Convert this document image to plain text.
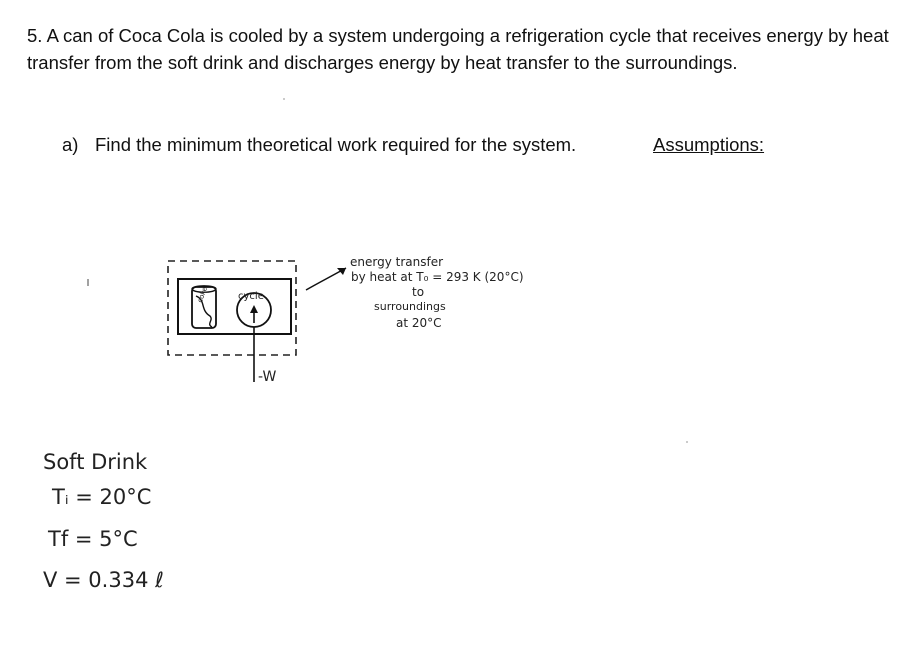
5. A can of Coca Cola is cooled by a system undergoing a refrigeration cycle that receives energy by heat transfer from the soft drink and discharges energy by heat transfer to the surroundings.

a) Find the minimum theoretical work required for the system.	Assumptions:
coke	cycle
-W
energy transfer
by heat at T₀ = 293 K (20°C)
to
surroundings
at 20°C
Soft Drink
Tᵢ = 20°C
Tf = 5°C
V = 0.334 ℓ
